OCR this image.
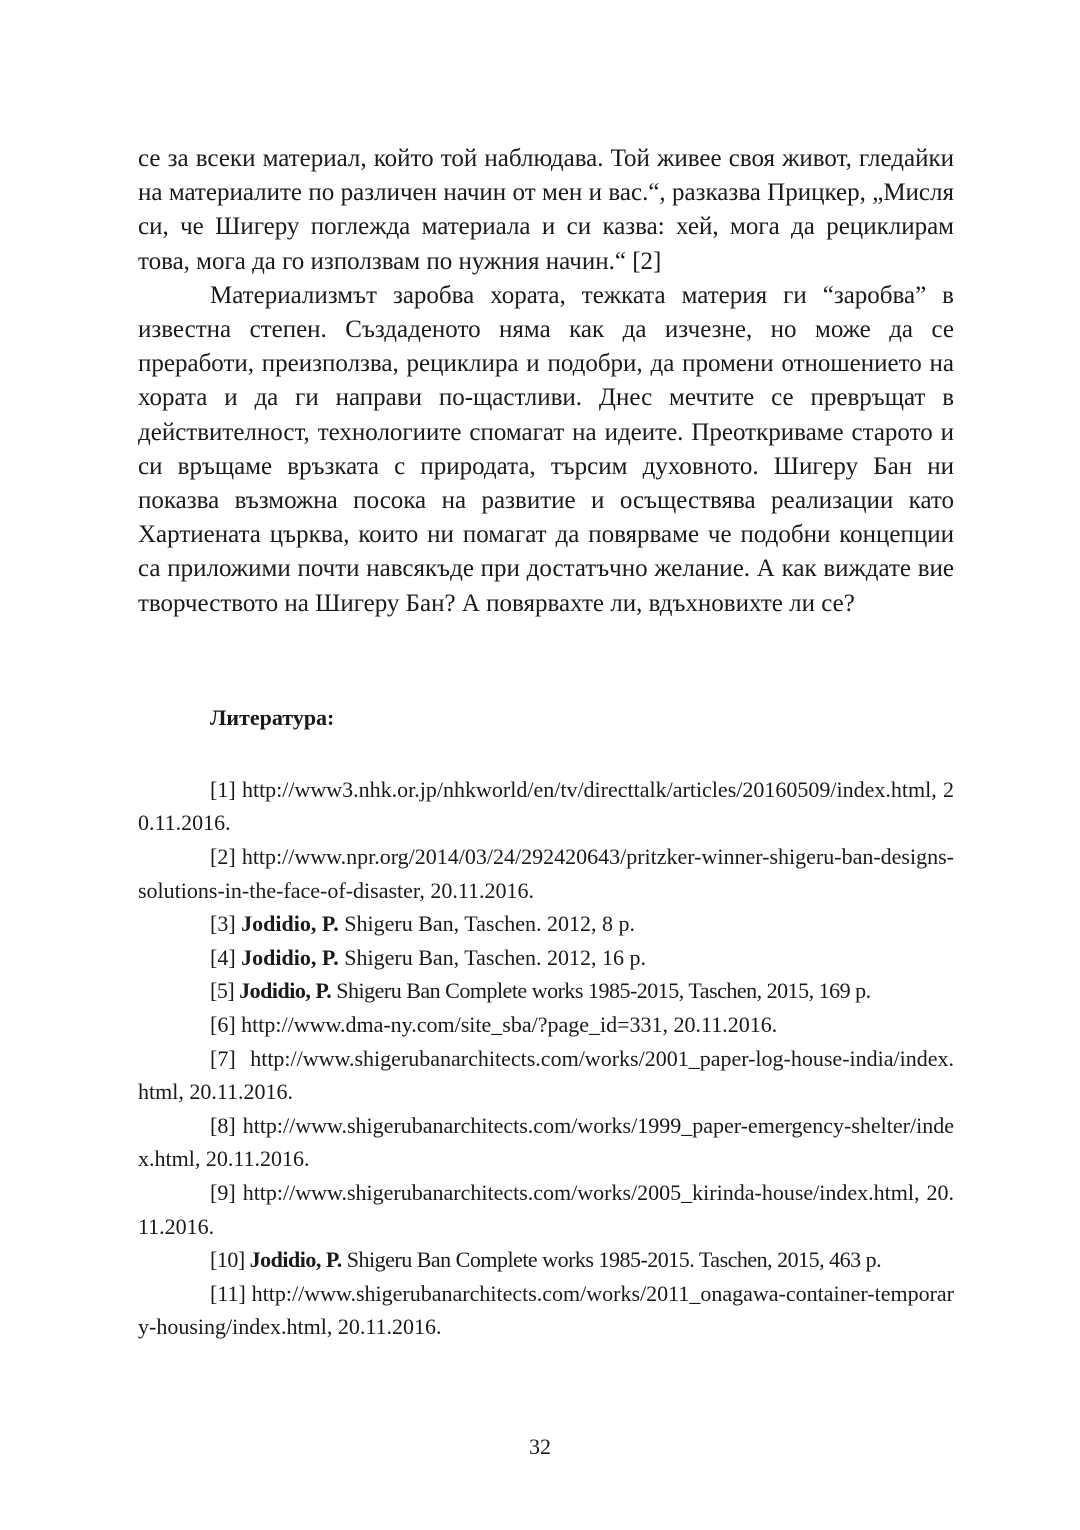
се за всеки материал, който той наблюдава. Той живее своя живот, гледайки на материалите по различен начин от мен и вас.“, разказва Прицкер, „Мисля си, че Шигеру поглежда материала и си казва: хей, мога да рециклирам това, мога да го използвам по нужния начин.“ [2]

Материализмът заробва хората, тежката материя ги “заробва” в известна степен. Създаденото няма как да изчезне, но може да се преработи, преизползва, рециклира и подобри, да промени отношението на хората и да ги направи по-щастливи. Днес мечтите се превръщат в действителност, технологиите спомагат на идеите. Преоткриваме старото и си връщаме връзката с природата, търсим духовното. Шигеру Бан ни показва възможна посока на развитие и осъществява реализации като Хартиената църква, които ни помагат да повярваме че подобни концепции са приложими почти навсякъде при достатъчно желание. А как виждате вие творчеството на Шигеру Бан? А повярвахте ли, вдъхновихте ли се?

Литература:
[1] http://www3.nhk.or.jp/nhkworld/en/tv/directtalk/articles/20160509/index.html, 20.11.2016.
[2] http://www.npr.org/2014/03/24/292420643/pritzker-winner-shigeru-ban-designs-solutions-in-the-face-of-disaster, 20.11.2016.
[3] Jodidio, P. Shigeru Ban, Taschen. 2012, 8 p.
[4] Jodidio, P. Shigeru Ban, Taschen. 2012, 16 p.
[5] Jodidio, P. Shigeru Ban Complete works 1985-2015, Taschen, 2015, 169 p.
[6] http://www.dma-ny.com/site_sba/?page_id=331, 20.11.2016.
[7] http://www.shigerubanarchitects.com/works/2001_paper-log-house-india/index.html, 20.11.2016.
[8] http://www.shigerubanarchitects.com/works/1999_paper-emergency-shelter/index.html, 20.11.2016.
[9] http://www.shigerubanarchitects.com/works/2005_kirinda-house/index.html, 20.11.2016.
[10] Jodidio, P. Shigeru Ban Complete works 1985-2015. Taschen, 2015, 463 p.
[11] http://www.shigerubanarchitects.com/works/2011_onagawa-container-temporary-housing/index.html, 20.11.2016.
32
